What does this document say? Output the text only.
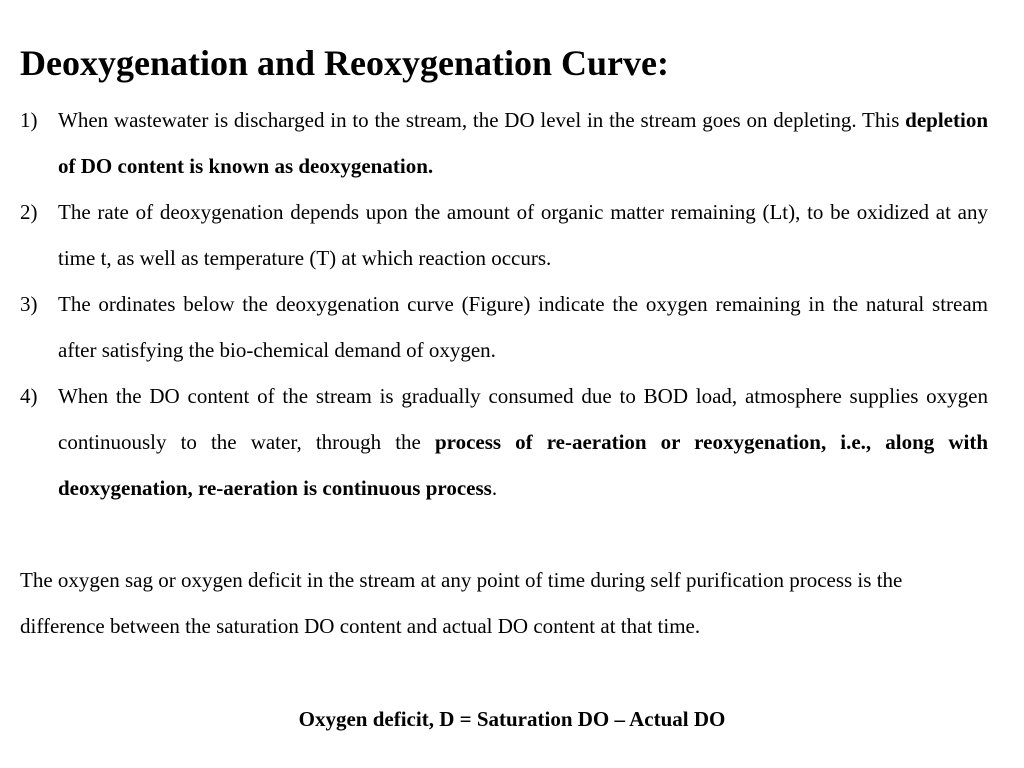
Deoxygenation and Reoxygenation Curve:
1) When wastewater is discharged in to the stream, the DO level in the stream goes on depleting. This depletion of DO content is known as deoxygenation.
2) The rate of deoxygenation depends upon the amount of organic matter remaining (Lt), to be oxidized at any time t, as well as temperature (T) at which reaction occurs.
3) The ordinates below the deoxygenation curve (Figure) indicate the oxygen remaining in the natural stream after satisfying the bio-chemical demand of oxygen.
4) When the DO content of the stream is gradually consumed due to BOD load, atmosphere supplies oxygen continuously to the water, through the process of re-aeration or reoxygenation, i.e., along with deoxygenation, re-aeration is continuous process.

The oxygen sag or oxygen deficit in the stream at any point of time during self purification process is the difference between the saturation DO content and actual DO content at that time.

Oxygen deficit, D = Saturation DO – Actual DO
